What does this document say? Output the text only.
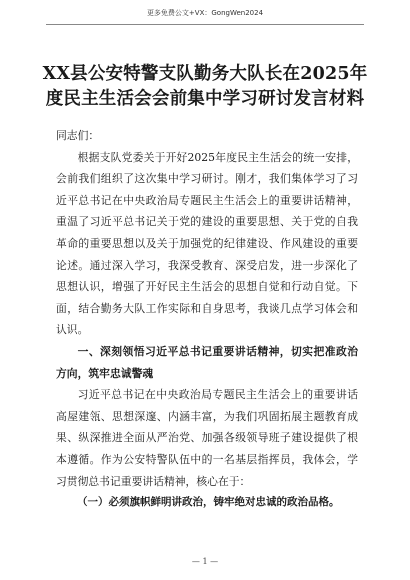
更多免费公文+VX：GongWen2024
XX县公安特警支队勤务大队长在2025年
度民主生活会会前集中学习研讨发言材料

同志们：

根据支队党委关于开好2025年度民主生活会的统一安排，会前我们组织了这次集中学习研讨。刚才，我们集体学习了习近平总书记在中央政治局专题民主生活会上的重要讲话精神，重温了习近平总书记关于党的建设的重要思想、关于党的自我革命的重要思想以及关于加强党的纪律建设、作风建设的重要论述。通过深入学习，我深受教育、深受启发，进一步深化了思想认识，增强了开好民主生活会的思想自觉和行动自觉。下面，结合勤务大队工作实际和自身思考，我谈几点学习体会和认识。

一、深刻领悟习近平总书记重要讲话精神，切实把准政治方向，筑牢忠诚警魂

习近平总书记在中央政治局专题民主生活会上的重要讲话高屋建瓴、思想深邃、内涵丰富，为我们巩固拓展主题教育成果、纵深推进全面从严治党、加强各级领导班子建设提供了根本遵循。作为公安特警队伍中的一名基层指挥员，我体会，学习贯彻总书记重要讲话精神，核心在于：

（一）必须旗帜鲜明讲政治，铸牢绝对忠诚的政治品格。

— 1 —
